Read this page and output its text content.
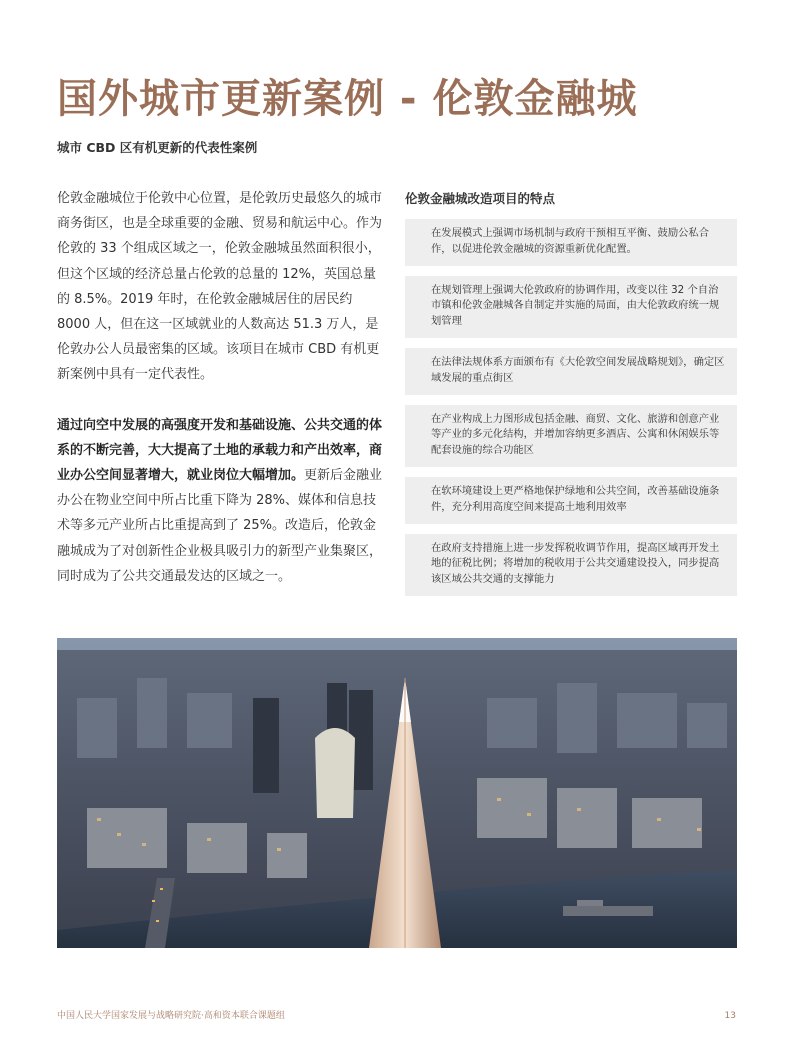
国外城市更新案例 - 伦敦金融城
城市 CBD 区有机更新的代表性案例

伦敦金融城位于伦敦中心位置，是伦敦历史最悠久的城市商务街区，也是全球重要的金融、贸易和航运中心。作为伦敦的 33 个组成区域之一，伦敦金融城虽然面积很小，但这个区域的经济总量占伦敦的总量的 12%，英国总量的 8.5%。2019 年时，在伦敦金融城居住的居民约 8000 人，但在这一区域就业的人数高达 51.3 万人，是伦敦办公人员最密集的区域。该项目在城市 CBD 有机更新案例中具有一定代表性。

通过向空中发展的高强度开发和基础设施、公共交通的体系的不断完善，大大提高了土地的承载力和产出效率，商业办公空间显著增大，就业岗位大幅增加。更新后金融业办公在物业空间中所占比重下降为 28%、媒体和信息技术等多元产业所占比重提高到了 25%。改造后，伦敦金融城成为了对创新性企业极具吸引力的新型产业集聚区，同时成为了公共交通最发达的区域之一。

伦敦金融城改造项目的特点
在发展模式上强调市场机制与政府干预相互平衡、鼓励公私合作，以促进伦敦金融城的资源重新优化配置。
在规划管理上强调大伦敦政府的协调作用，改变以往 32 个自治市镇和伦敦金融城各自制定并实施的局面，由大伦敦政府统一规划管理
在法律法规体系方面颁布有《大伦敦空间发展战略规划》，确定区域发展的重点街区
在产业构成上力图形成包括金融、商贸、文化、旅游和创意产业等产业的多元化结构，并增加容纳更多酒店、公寓和休闲娱乐等配套设施的综合功能区
在软环境建设上更严格地保护绿地和公共空间，改善基础设施条件，充分利用高度空间来提高土地利用效率
在政府支持措施上进一步发挥税收调节作用，提高区域再开发土地的征税比例；将增加的税收用于公共交通建设投入，同步提高该区域公共交通的支撑能力
中国人民大学国家发展与战略研究院·高和资本联合课题组	13
